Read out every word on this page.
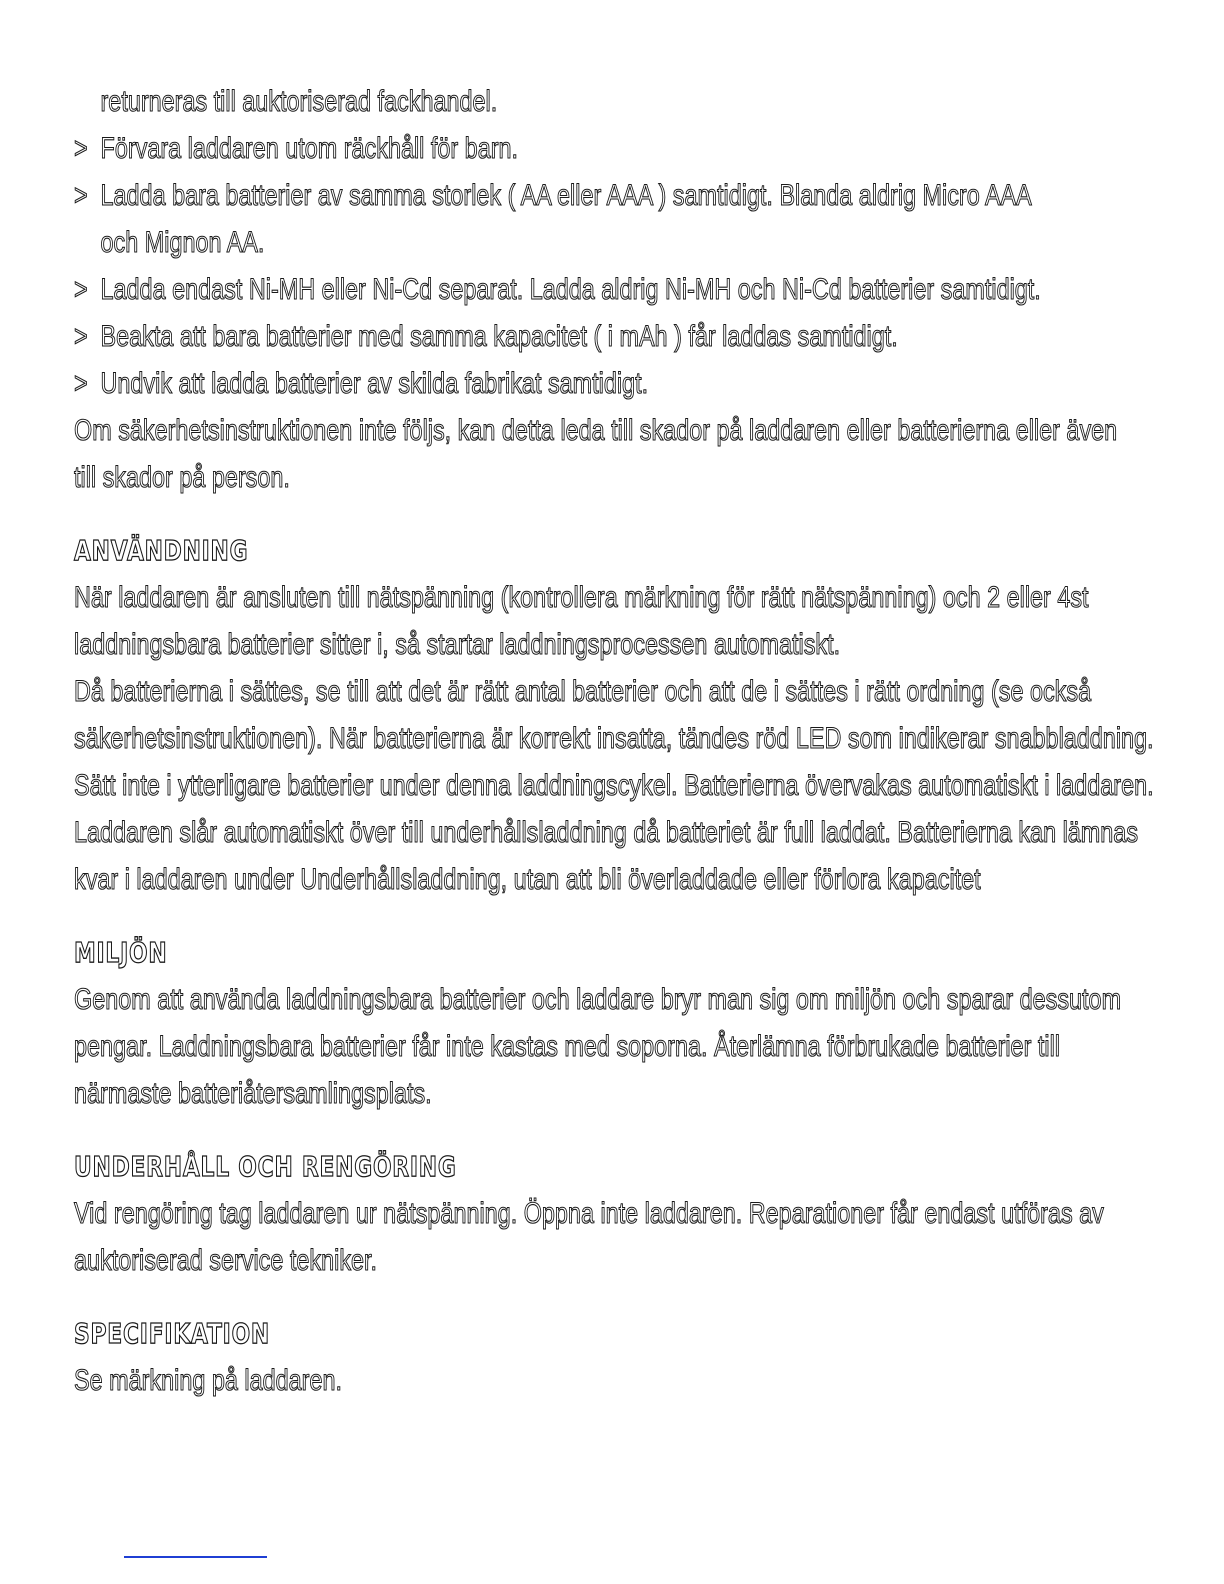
returneras till auktoriserad fackhandel.
> Förvara laddaren utom räckhåll för barn.
> Ladda bara batterier av samma storlek ( AA eller AAA ) samtidigt. Blanda aldrig Micro AAA
och Mignon AA.
> Ladda endast Ni-MH eller Ni-Cd separat. Ladda aldrig Ni-MH och Ni-Cd batterier samtidigt.
> Beakta att bara batterier med samma kapacitet ( i mAh ) får laddas samtidigt.
> Undvik att ladda batterier av skilda fabrikat samtidigt.
Om säkerhetsinstruktionen inte följs, kan detta leda till skador på laddaren eller batterierna eller även
till skador på person.
ANVÄNDNING
När laddaren är ansluten till nätspänning (kontrollera märkning för rätt nätspänning) och 2 eller 4st
laddningsbara batterier sitter i, så startar laddningsprocessen automatiskt.
Då batterierna i sättes, se till att det är rätt antal batterier och att de i sättes i rätt ordning (se också
säkerhetsinstruktionen). När batterierna är korrekt insatta, tändes röd LED som indikerar snabbladdning.
Sätt inte i ytterligare batterier under denna laddningscykel. Batterierna övervakas automatiskt i laddaren.
Laddaren slår automatiskt över till underhållsladdning då batteriet är full laddat. Batterierna kan lämnas
kvar i laddaren under Underhållsladdning, utan att bli överladdade eller förlora kapacitet
MILJÖN
Genom att använda laddningsbara batterier och laddare bryr man sig om miljön och sparar dessutom
pengar. Laddningsbara batterier får inte kastas med soporna. Återlämna förbrukade batterier till
närmaste batteriåtersamlingsplats.
UNDERHÅLL OCH RENGÖRING
Vid rengöring tag laddaren ur nätspänning. Öppna inte laddaren. Reparationer får endast utföras av
auktoriserad service tekniker.
SPECIFIKATION
Se märkning på laddaren.
